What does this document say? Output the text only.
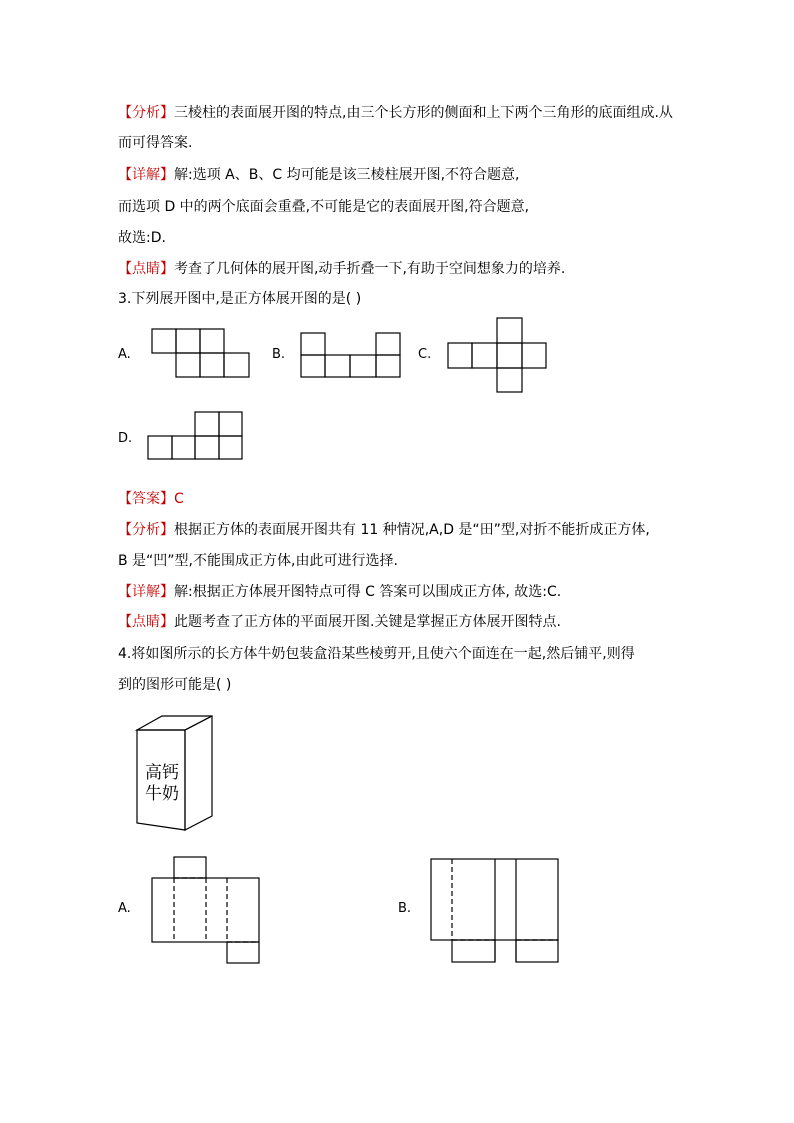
【分析】三棱柱的表面展开图的特点,由三个长方形的侧面和上下两个三角形的底面组成.从
而可得答案.
【详解】解:选项 A、B、C 均可能是该三棱柱展开图,不符合题意,
而选项 D 中的两个底面会重叠,不可能是它的表面展开图,符合题意,
故选:D.
【点睛】考查了几何体的展开图,动手折叠一下,有助于空间想象力的培养.
3.下列展开图中,是正方体展开图的是( )
A.	B.	C.
D.
高钙
牛奶
【答案】C
【分析】根据正方体的表面展开图共有 11 种情况,A,D 是“田”型,对折不能折成正方体,
B 是“凹”型,不能围成正方体,由此可进行选择.
【详解】解:根据正方体展开图特点可得 C 答案可以围成正方体, 故选:C.
【点睛】此题考查了正方体的平面展开图.关键是掌握正方体展开图特点.
4.将如图所示的长方体牛奶包装盒沿某些棱剪开,且使六个面连在一起,然后铺平,则得
到的图形可能是( )
A.	B.
